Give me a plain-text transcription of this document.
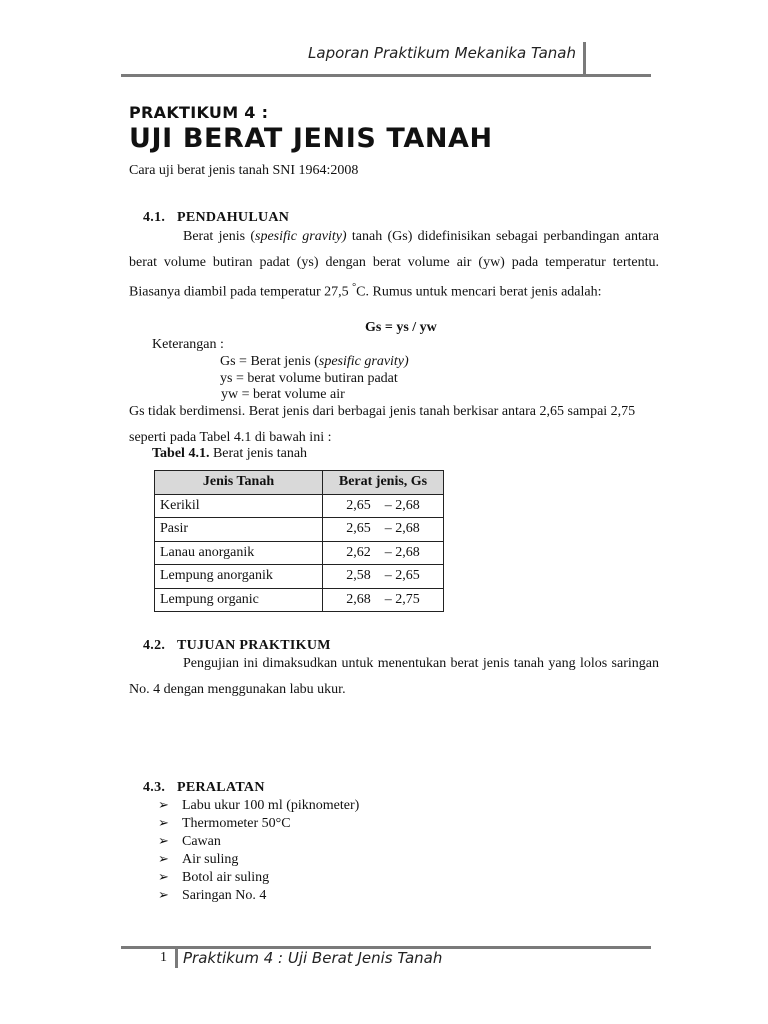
Laporan Praktikum Mekanika Tanah
PRAKTIKUM 4 :
UJI BERAT JENIS TANAH
Cara uji berat jenis tanah SNI 1964:2008
4.1. PENDAHULUAN
Berat jenis (spesific gravity) tanah (Gs) didefinisikan sebagai perbandingan antara berat volume butiran padat (ys) dengan berat volume air (yw) pada temperatur tertentu. Biasanya diambil pada temperatur 27,5 °C. Rumus untuk mencari berat jenis adalah:
Gs = ys / yw
Keterangan :
Gs = Berat jenis (spesific gravity)
ys = berat volume butiran padat
yw = berat volume air
Gs tidak berdimensi. Berat jenis dari berbagai jenis tanah berkisar antara 2,65 sampai 2,75 seperti pada Tabel 4.1 di bawah ini :
Tabel 4.1. Berat jenis tanah
Jenis Tanah	Berat jenis, Gs
Kerikil	2,65    – 2,68
Pasir	2,65    – 2,68
Lanau anorganik	2,62    – 2,68
Lempung anorganik	2,58    – 2,65
Lempung organic	2,68    – 2,75
4.2. TUJUAN PRAKTIKUM
Pengujian ini dimaksudkan untuk menentukan berat jenis tanah yang lolos saringan No. 4 dengan menggunakan labu ukur.
4.3. PERALATAN
➢ Labu ukur 100 ml (piknometer)
➢ Thermometer 50°C
➢ Cawan
➢ Air suling
➢ Botol air suling
➢ Saringan No. 4
1 Praktikum 4 : Uji Berat Jenis Tanah
